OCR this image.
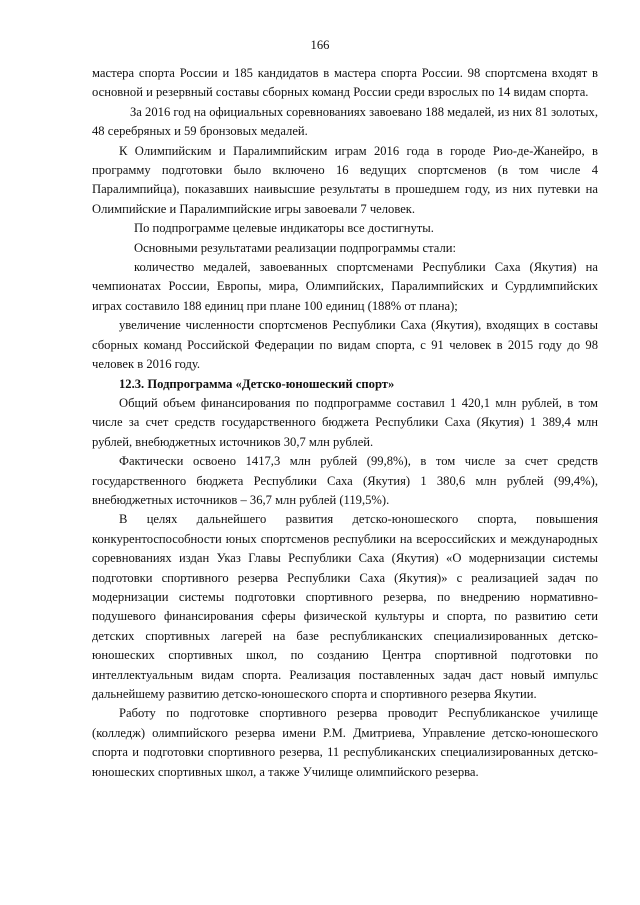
166

мастера спорта России и 185 кандидатов в мастера спорта России. 98 спортсмена входят в основной и резервный составы сборных команд России среди взрослых по 14 видам спорта.

За 2016 год на официальных соревнованиях завоевано 188 медалей, из них 81 золотых, 48 серебряных и 59 бронзовых медалей.

К Олимпийским и Паралимпийским играм 2016 года в городе Рио-де-Жанейро, в программу подготовки было включено 16 ведущих спортсменов (в том числе 4 Паралимпийца), показавших наивысшие результаты в прошедшем году, из них путевки на Олимпийские и Паралимпийские игры завоевали 7 человек.

По подпрограмме целевые индикаторы все достигнуты.

Основными результатами реализации подпрограммы стали:

количество медалей, завоеванных спортсменами Республики Саха (Якутия) на чемпионатах России, Европы, мира, Олимпийских, Паралимпийских и Сурдлимпийских играх составило 188 единиц при плане 100 единиц (188% от плана);

увеличение численности спортсменов Республики Саха (Якутия), входящих в составы сборных команд Российской Федерации по видам спорта, с 91 человек в 2015 году до 98 человек в 2016 году.

12.3. Подпрограмма «Детско-юношеский спорт»

Общий объем финансирования по подпрограмме составил 1 420,1 млн рублей, в том числе за счет средств государственного бюджета Республики Саха (Якутия) 1 389,4 млн рублей, внебюджетных источников 30,7 млн рублей.

Фактически освоено 1417,3 млн рублей (99,8%), в том числе за счет средств государственного бюджета Республики Саха (Якутия) 1 380,6 млн рублей (99,4%), внебюджетных источников – 36,7 млн рублей (119,5%).

В целях дальнейшего развития детско-юношеского спорта, повышения конкурентоспособности юных спортсменов республики на всероссийских и международных соревнованиях издан Указ Главы Республики Саха (Якутия) «О модернизации системы подготовки спортивного резерва Республики Саха (Якутия)» с реализацией задач по модернизации системы подготовки спортивного резерва, по внедрению нормативно-подушевого финансирования сферы физической культуры и спорта, по развитию сети детских спортивных лагерей на базе республиканских специализированных детско-юношеских спортивных школ, по созданию Центра спортивной подготовки по интеллектуальным видам спорта. Реализация поставленных задач даст новый импульс дальнейшему развитию детско-юношеского спорта и спортивного резерва Якутии.

Работу по подготовке спортивного резерва проводит Республиканское училище (колледж) олимпийского резерва имени Р.М. Дмитриева, Управление детско-юношеского спорта и подготовки спортивного резерва, 11 республиканских специализированных детско-юношеских спортивных школ, а также Училище олимпийского резерва.
